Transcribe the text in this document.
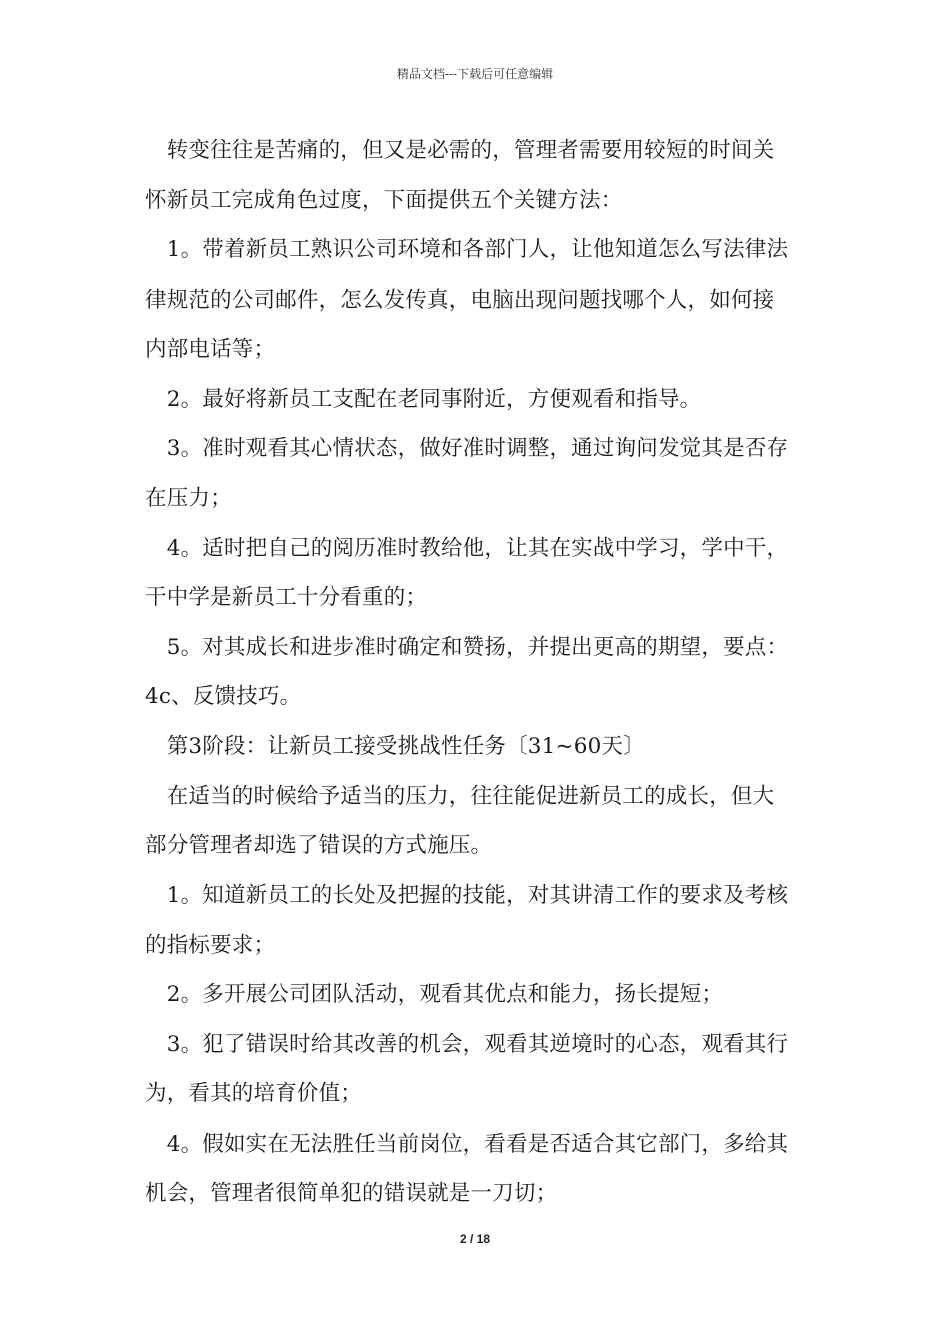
精品文档---下载后可任意编辑
　转变往往是苦痛的，但又是必需的，管理者需要用较短的时间关
怀新员工完成角色过度，下面提供五个关键方法：
　1。带着新员工熟识公司环境和各部门人，让他知道怎么写法律法
律规范的公司邮件，怎么发传真，电脑出现问题找哪个人，如何接
内部电话等；
　2。最好将新员工支配在老同事附近，方便观看和指导。
　3。准时观看其心情状态，做好准时调整，通过询问发觉其是否存
在压力；
　4。适时把自己的阅历准时教给他，让其在实战中学习，学中干，
干中学是新员工十分看重的；
　5。对其成长和进步准时确定和赞扬，并提出更高的期望，要点：
4c、反馈技巧。
　第3阶段：让新员工接受挑战性任务〔31~60天〕
　在适当的时候给予适当的压力，往往能促进新员工的成长，但大
部分管理者却选了错误的方式施压。
　1。知道新员工的长处及把握的技能，对其讲清工作的要求及考核
的指标要求；
　2。多开展公司团队活动，观看其优点和能力，扬长提短；
　3。犯了错误时给其改善的机会，观看其逆境时的心态，观看其行
为，看其的培育价值；
　4。假如实在无法胜任当前岗位，看看是否适合其它部门，多给其
机会，管理者很简单犯的错误就是一刀切；
2 / 18
